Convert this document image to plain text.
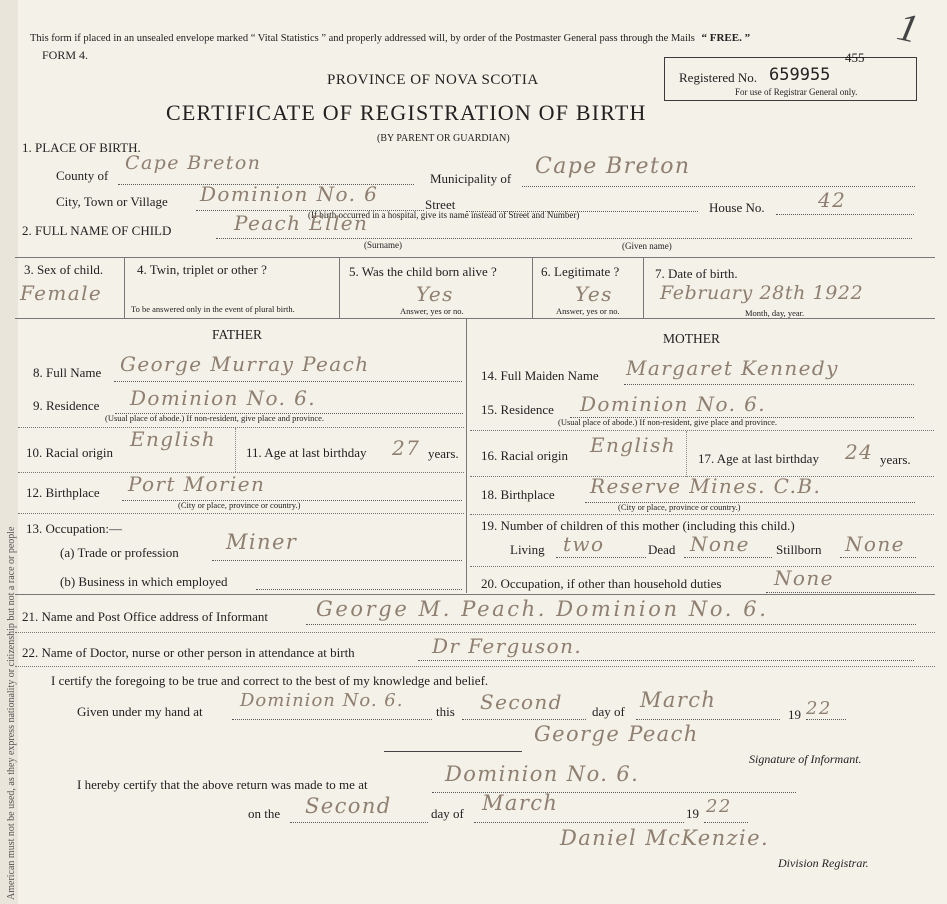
American must not be used, as they express nationality or citizenship but not a race or people
This form if placed in an unsealed envelope marked “ Vital Statistics ” and properly addressed will, by order of the Postmaster General pass through the Mails “ FREE. ”
FORM 4.
1
Registered No. 659955
455
For use of Registrar General only.
PROVINCE OF NOVA SCOTIA
CERTIFICATE OF REGISTRATION OF BIRTH
(BY PARENT OR GUARDIAN)
1. PLACE OF BIRTH.
County of
Cape Breton
Municipality of Cape Breton
City, Town or Village Dominion No. 6	Street
(If birth occurred in a hospital, give its name instead of Street and Number)	House No.	42
2. FULL NAME OF CHILD	Peach Ellen
(Surname)	(Given name)
3. Sex of child.
Female
4. Twin, triplet or other ?
To be answered only in the event of plural birth.
5. Was the child born alive ?
Yes
Answer, yes or no.
6. Legitimate ?
Yes
Answer, yes or no.
7. Date of birth.
February 28th 1922
Month, day, year.
FATHER	MOTHER
8. Full Name George Murray Peach
9. Residence Dominion No. 6.
(Usual place of abode.) If non-resident, give place and province.
10. Racial origin
English
11. Age at last birthday 27 years.
12. Birthplace Port Morien
(City or place, province or country.)
13. Occupation:—
(a) Trade or profession Miner
(b) Business in which employed
14. Full Maiden Name Margaret Kennedy
15. Residence Dominion No. 6.
(Usual place of abode.) If non-resident, give place and province.
16. Racial origin English
17. Age at last birthday 24 years.
18. Birthplace Reserve Mines. C.B.
(City or place, province or country.)
19. Number of children of this mother (including this child.)
Living two	Dead None Stillborn None
20. Occupation, if other than household duties	None
21. Name and Post Office address of Informant George M. Peach. Dominion No. 6.
22. Name of Doctor, nurse or other person in attendance at birth	Dr Ferguson.
I certify the foregoing to be true and correct to the best of my knowledge and belief.
Given under my hand at
Dominion No. 6.
this Second day of March
19 22
George Peach
Signature of Informant.
I hereby certify that the above return was made to me at	Dominion No. 6.
on the Second	day of March	19 22
Daniel McKenzie.
Division Registrar.
